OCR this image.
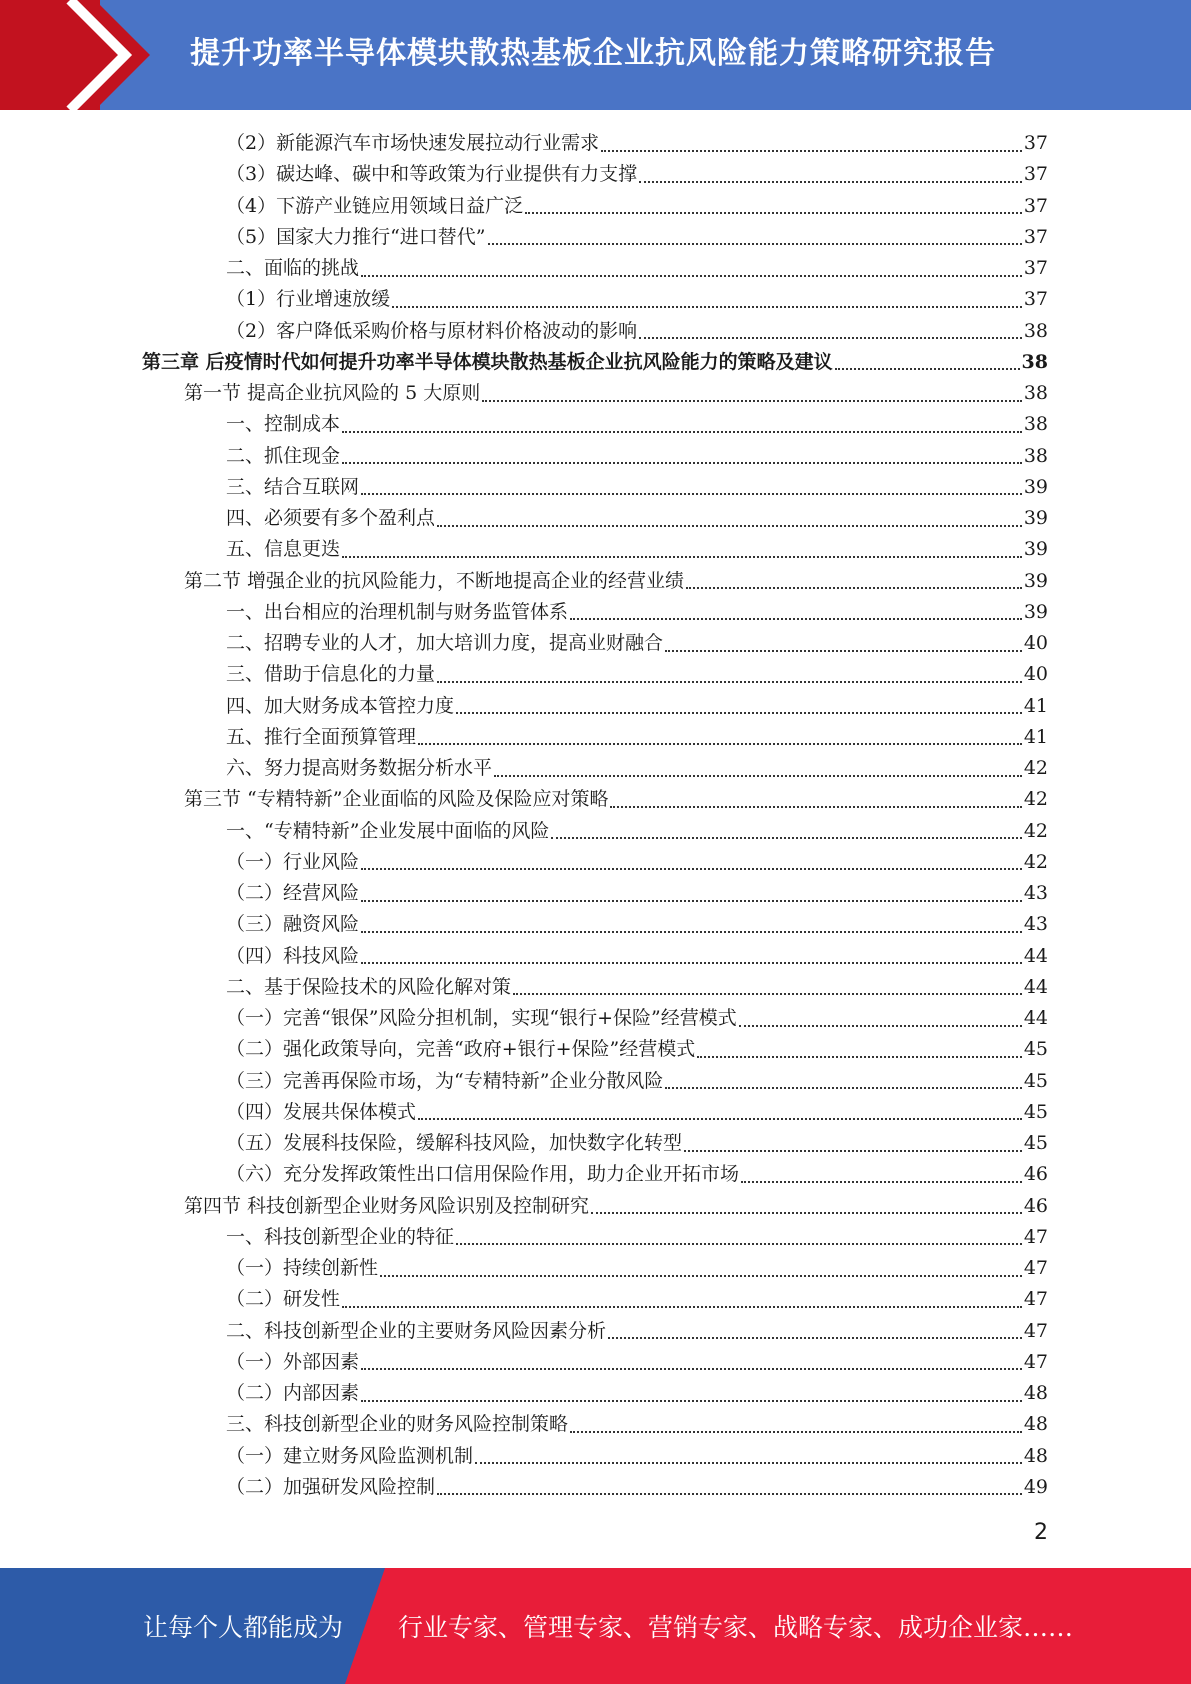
提升功率半导体模块散热基板企业抗风险能力策略研究报告
（2）新能源汽车市场快速发展拉动行业需求	37
（3）碳达峰、碳中和等政策为行业提供有力支撑	37
（4）下游产业链应用领域日益广泛	37
（5）国家大力推行“进口替代”	37
二、面临的挑战	37
（1）行业增速放缓	37
（2）客户降低采购价格与原材料价格波动的影响	38
第三章 后疫情时代如何提升功率半导体模块散热基板企业抗风险能力的策略及建议	38
第一节 提高企业抗风险的 5 大原则	38
一、控制成本	38
二、抓住现金	38
三、结合互联网	39
四、必须要有多个盈利点	39
五、信息更迭	39
第二节 增强企业的抗风险能力，不断地提高企业的经营业绩	39
一、出台相应的治理机制与财务监管体系	39
二、招聘专业的人才，加大培训力度，提高业财融合	40
三、借助于信息化的力量	40
四、加大财务成本管控力度	41
五、推行全面预算管理	41
六、努力提高财务数据分析水平	42
第三节 “专精特新”企业面临的风险及保险应对策略	42
一、“专精特新”企业发展中面临的风险	42
（一）行业风险	42
（二）经营风险	43
（三）融资风险	43
（四）科技风险	44
二、基于保险技术的风险化解对策	44
（一）完善“银保”风险分担机制，实现“银行+保险”经营模式	44
（二）强化政策导向，完善“政府+银行+保险”经营模式	45
（三）完善再保险市场，为“专精特新”企业分散风险	45
（四）发展共保体模式	45
（五）发展科技保险，缓解科技风险，加快数字化转型	45
（六）充分发挥政策性出口信用保险作用，助力企业开拓市场	46
第四节 科技创新型企业财务风险识别及控制研究	46
一、科技创新型企业的特征	47
（一）持续创新性	47
（二）研发性	47
二、科技创新型企业的主要财务风险因素分析	47
（一）外部因素	47
（二）内部因素	48
三、科技创新型企业的财务风险控制策略	48
（一）建立财务风险监测机制	48
（二）加强研发风险控制	49
2
让每个人都能成为 行业专家、管理专家、营销专家、战略专家、成功企业家……
